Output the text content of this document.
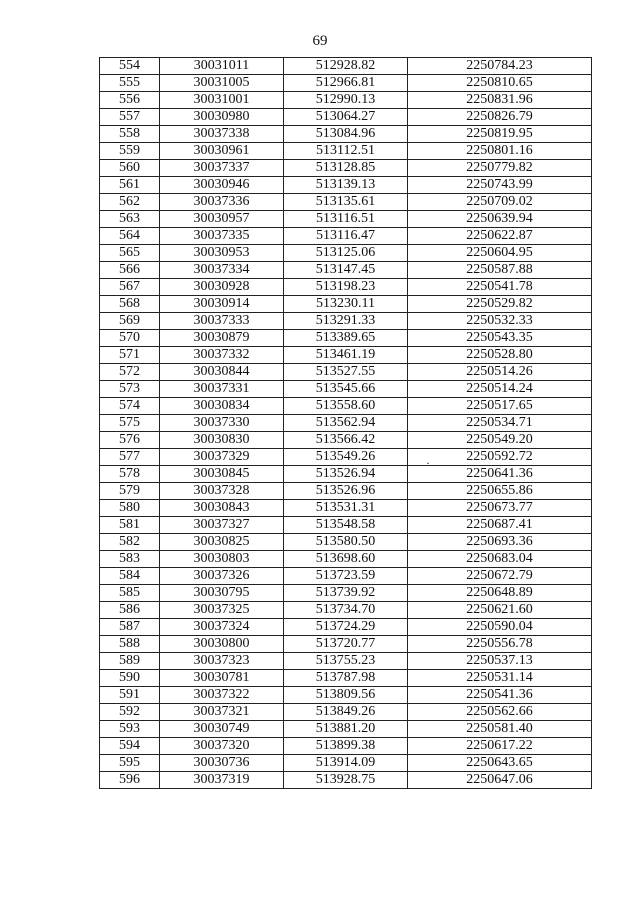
69
554	30031011	512928.82	2250784.23
555	30031005	512966.81	2250810.65
556	30031001	512990.13	2250831.96
557	30030980	513064.27	2250826.79
558	30037338	513084.96	2250819.95
559	30030961	513112.51	2250801.16
560	30037337	513128.85	2250779.82
561	30030946	513139.13	2250743.99
562	30037336	513135.61	2250709.02
563	30030957	513116.51	2250639.94
564	30037335	513116.47	2250622.87
565	30030953	513125.06	2250604.95
566	30037334	513147.45	2250587.88
567	30030928	513198.23	2250541.78
568	30030914	513230.11	2250529.82
569	30037333	513291.33	2250532.33
570	30030879	513389.65	2250543.35
571	30037332	513461.19	2250528.80
572	30030844	513527.55	2250514.26
573	30037331	513545.66	2250514.24
574	30030834	513558.60	2250517.65
575	30037330	513562.94	2250534.71
576	30030830	513566.42	2250549.20
577	30037329	513549.26	2250592.72
578	30030845	513526.94	2250641.36
579	30037328	513526.96	2250655.86
580	30030843	513531.31	2250673.77
581	30037327	513548.58	2250687.41
582	30030825	513580.50	2250693.36
583	30030803	513698.60	2250683.04
584	30037326	513723.59	2250672.79
585	30030795	513739.92	2250648.89
586	30037325	513734.70	2250621.60
587	30037324	513724.29	2250590.04
588	30030800	513720.77	2250556.78
589	30037323	513755.23	2250537.13
590	30030781	513787.98	2250531.14
591	30037322	513809.56	2250541.36
592	30037321	513849.26	2250562.66
593	30030749	513881.20	2250581.40
594	30037320	513899.38	2250617.22
595	30030736	513914.09	2250643.65
596	30037319	513928.75	2250647.06
·
